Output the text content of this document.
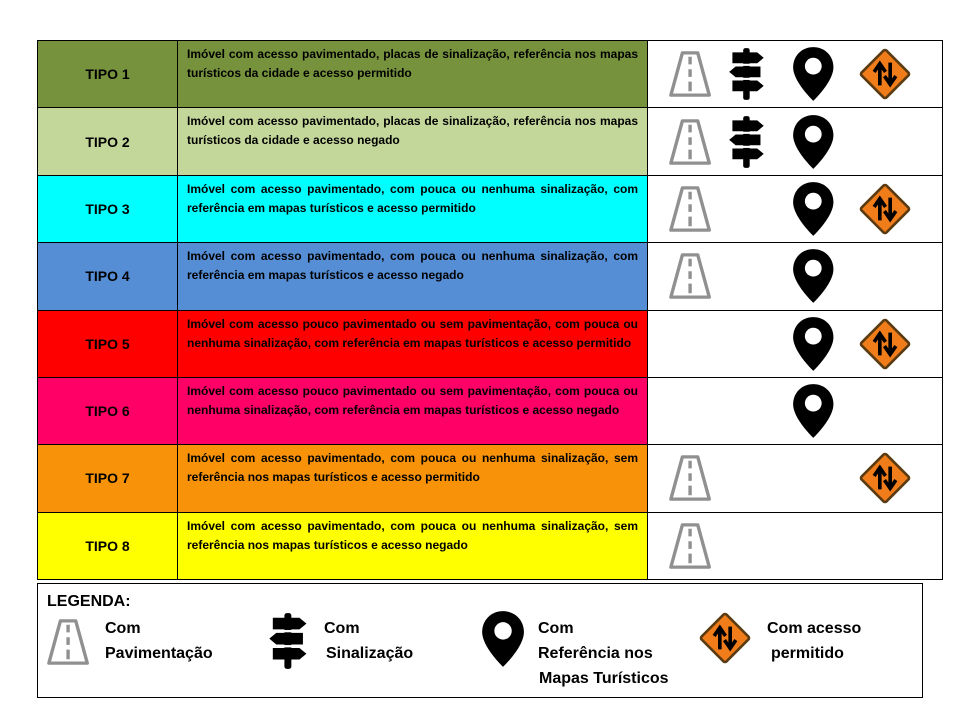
TIPO 1	Imóvel com acesso pavimentado, placas de sinalização, referência nos mapas turísticos da cidade e acesso permitido	

TIPO 2	Imóvel com acesso pavimentado, placas de sinalização, referência nos mapas turísticos da cidade e acesso negado	

TIPO 3	Imóvel com acesso pavimentado, com pouca ou nenhuma sinalização, com referência em mapas turísticos e acesso permitido	

TIPO 4	Imóvel com acesso pavimentado, com pouca ou nenhuma sinalização, com referência em mapas turísticos e acesso negado	

TIPO 5	Imóvel com acesso pouco pavimentado ou sem pavimentação, com pouca ou nenhuma sinalização, com referência em mapas turísticos e acesso permitido	

TIPO 6	Imóvel com acesso pouco pavimentado ou sem pavimentação, com pouca ou nenhuma sinalização, com referência em mapas turísticos e acesso negado	

TIPO 7	Imóvel com acesso pavimentado, com pouca ou nenhuma sinalização, sem referência nos mapas turísticos e acesso permitido	

TIPO 8	Imóvel com acesso pavimentado, com pouca ou nenhuma sinalização, sem referência nos mapas turísticos e acesso negado	
LEGENDA:
Com
Pavimentação
Com
Sinalização
Com
Referência nos
Mapas Turísticos
Com acesso
permitido
